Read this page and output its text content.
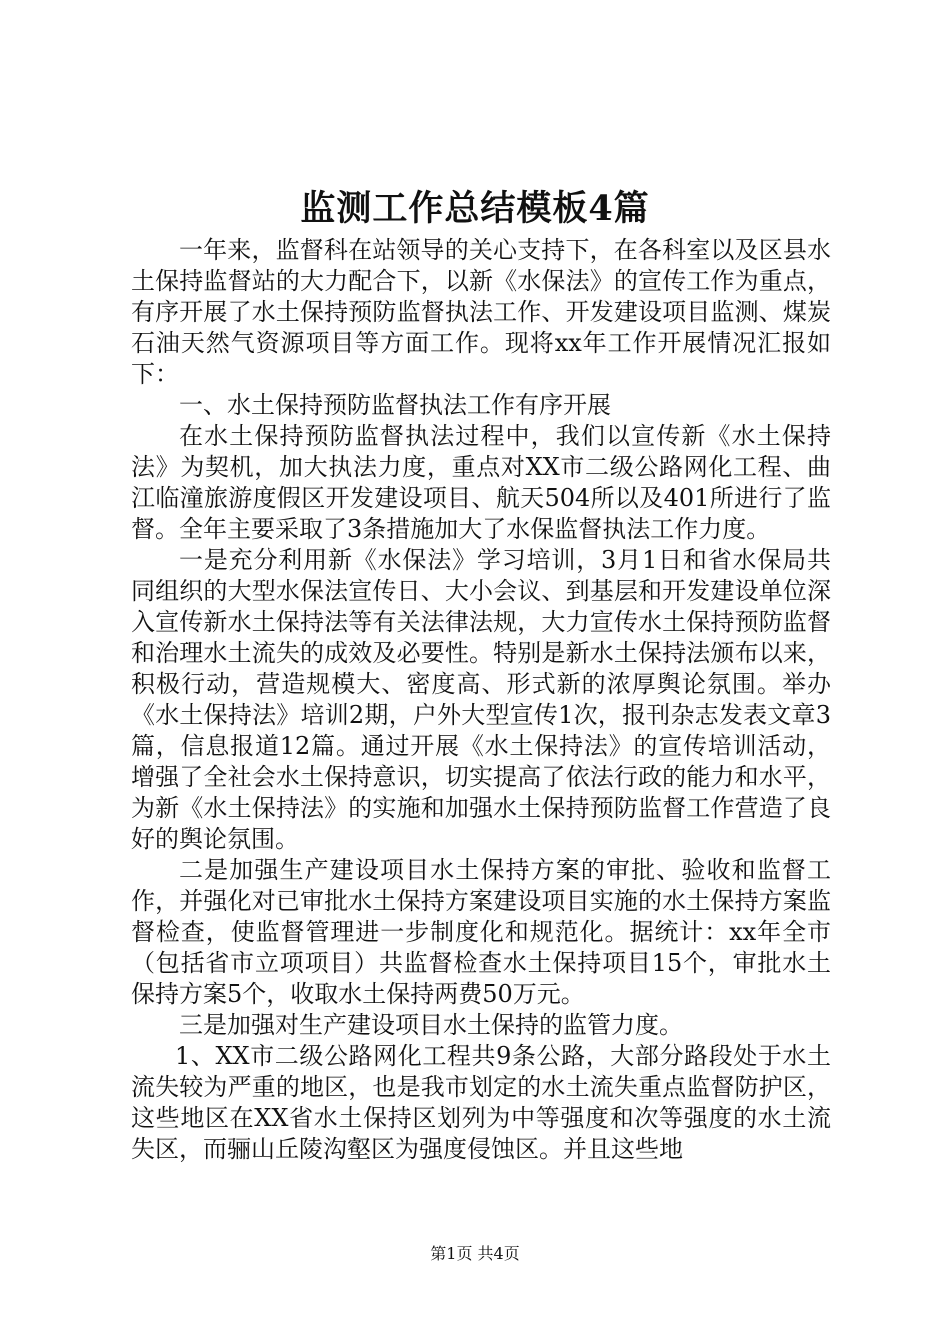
监测工作总结模板4篇

一年来，监督科在站领导的关心支持下，在各科室以及区县水土保持监督站的大力配合下，以新《水保法》的宣传工作为重点，有序开展了水土保持预防监督执法工作、开发建设项目监测、煤炭石油天然气资源项目等方面工作。现将xx年工作开展情况汇报如下：

一、水土保持预防监督执法工作有序开展

在水土保持预防监督执法过程中，我们以宣传新《水土保持法》为契机，加大执法力度，重点对XX市二级公路网化工程、曲江临潼旅游度假区开发建设项目、航天504所以及401所进行了监督。全年主要采取了3条措施加大了水保监督执法工作力度。

一是充分利用新《水保法》学习培训，3月1日和省水保局共同组织的大型水保法宣传日、大小会议、到基层和开发建设单位深入宣传新水土保持法等有关法律法规，大力宣传水土保持预防监督和治理水土流失的成效及必要性。特别是新水土保持法颁布以来，积极行动，营造规模大、密度高、形式新的浓厚舆论氛围。举办《水土保持法》培训2期，户外大型宣传1次，报刊杂志发表文章3篇，信息报道12篇。通过开展《水土保持法》的宣传培训活动，增强了全社会水土保持意识，切实提高了依法行政的能力和水平，为新《水土保持法》的实施和加强水土保持预防监督工作营造了良好的舆论氛围。

二是加强生产建设项目水土保持方案的审批、验收和监督工作，并强化对已审批水土保持方案建设项目实施的水土保持方案监督检查，使监督管理进一步制度化和规范化。据统计：xx年全市（包括省市立项项目）共监督检查水土保持项目15个，审批水土保持方案5个，收取水土保持两费50万元。

三是加强对生产建设项目水土保持的监管力度。

1、XX市二级公路网化工程共9条公路，大部分路段处于水土流失较为严重的地区，也是我市划定的水土流失重点监督防护区，这些地区在XX省水土保持区划列为中等强度和次等强度的水土流失区，而骊山丘陵沟壑区为强度侵蚀区。并且这些地

第1页 共4页
